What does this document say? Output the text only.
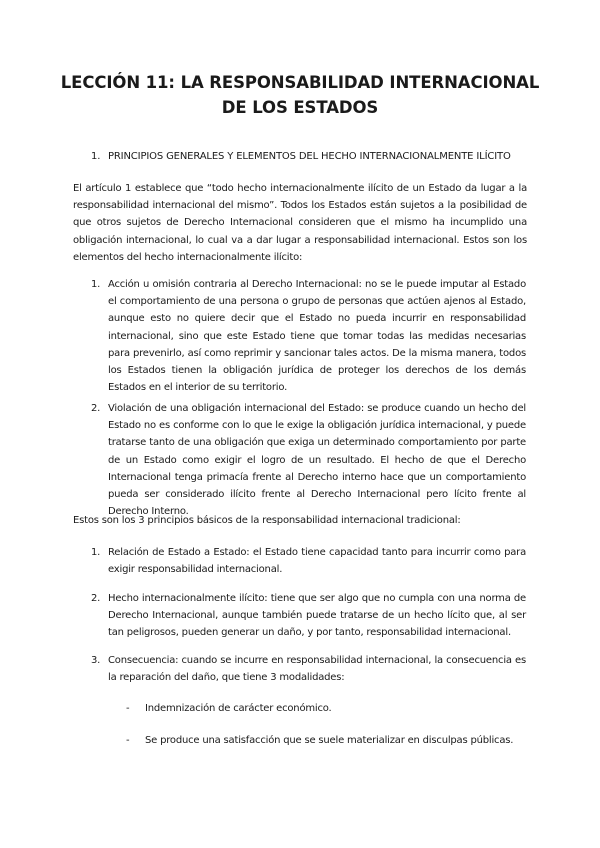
LECCIÓN 11: LA RESPONSABILIDAD INTERNACIONAL DE LOS ESTADOS
1. PRINCIPIOS GENERALES Y ELEMENTOS DEL HECHO INTERNACIONALMENTE ILÍCITO
El artículo 1 establece que “todo hecho internacionalmente ilícito de un Estado da lugar a la responsabilidad internacional del mismo”. Todos los Estados están sujetos a la posibilidad de que otros sujetos de Derecho Internacional consideren que el mismo ha incumplido una obligación internacional, lo cual va a dar lugar a responsabilidad internacional. Estos son los elementos del hecho internacionalmente ilícito:
1. Acción u omisión contraria al Derecho Internacional: no se le puede imputar al Estado el comportamiento de una persona o grupo de personas que actúen ajenos al Estado, aunque esto no quiere decir que el Estado no pueda incurrir en responsabilidad internacional, sino que este Estado tiene que tomar todas las medidas necesarias para prevenirlo, así como reprimir y sancionar tales actos. De la misma manera, todos los Estados tienen la obligación jurídica de proteger los derechos de los demás Estados en el interior de su territorio.
2. Violación de una obligación internacional del Estado: se produce cuando un hecho del Estado no es conforme con lo que le exige la obligación jurídica internacional, y puede tratarse tanto de una obligación que exiga un determinado comportamiento por parte de un Estado como exigir el logro de un resultado. El hecho de que el Derecho Internacional tenga primacía frente al Derecho interno hace que un comportamiento pueda ser considerado ilícito frente al Derecho Internacional pero lícito frente al Derecho Interno.
Estos son los 3 principios básicos de la responsabilidad internacional tradicional:
1. Relación de Estado a Estado: el Estado tiene capacidad tanto para incurrir como para exigir responsabilidad internacional.
2. Hecho internacionalmente ilícito: tiene que ser algo que no cumpla con una norma de Derecho Internacional, aunque también puede tratarse de un hecho lícito que, al ser tan peligrosos, pueden generar un daño, y por tanto, responsabilidad internacional.
3. Consecuencia: cuando se incurre en responsabilidad internacional, la consecuencia es la reparación del daño, que tiene 3 modalidades:
- Indemnización de carácter económico.
- Se produce una satisfacción que se suele materializar en disculpas públicas.
